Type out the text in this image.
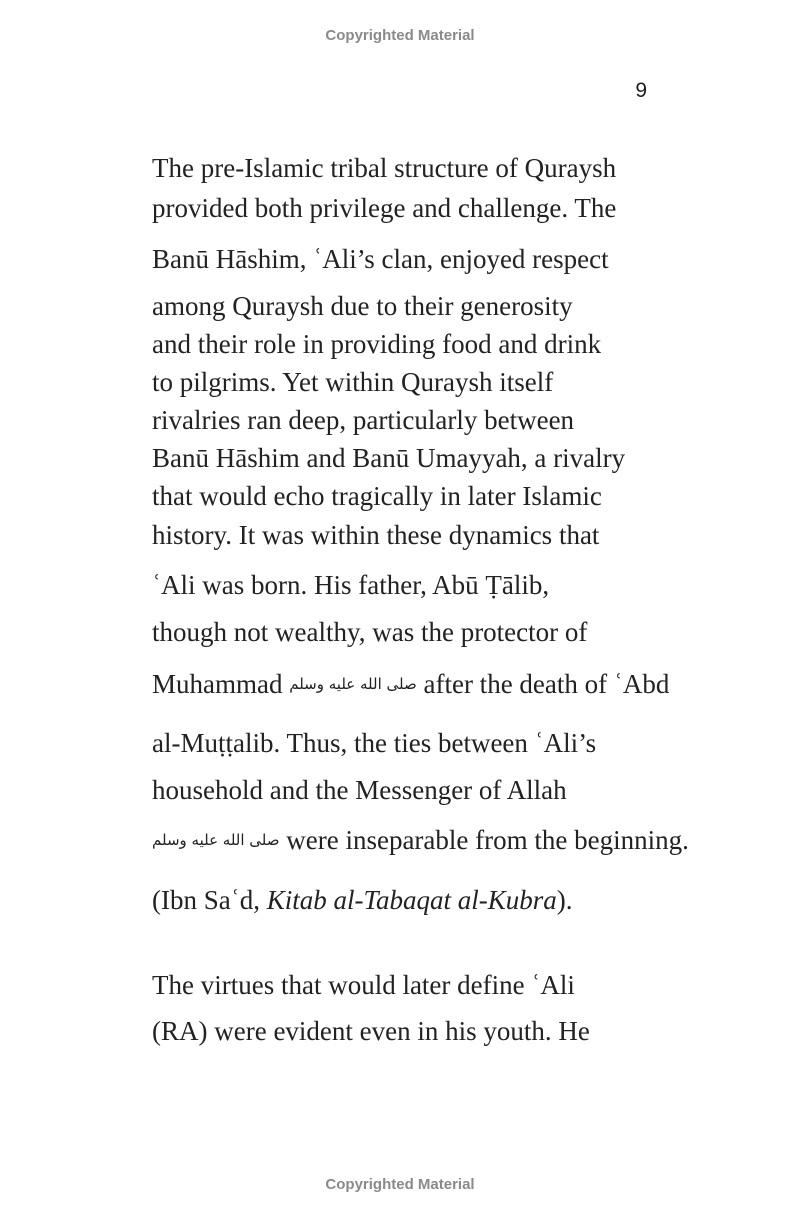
Copyrighted Material
9
The pre-Islamic tribal structure of Quraysh
provided both privilege and challenge. The
Banū Hāshim, ʿAli’s clan, enjoyed respect
among Quraysh due to their generosity
and their role in providing food and drink
to pilgrims. Yet within Quraysh itself
rivalries ran deep, particularly between
Banū Hāshim and Banū Umayyah, a rivalry
that would echo tragically in later Islamic
history. It was within these dynamics that
ʿAli was born. His father, Abū Ṭālib,
though not wealthy, was the protector of
Muhammad صلى الله عليه وسلم after the death of ʿAbd
al-Muṭṭalib. Thus, the ties between ʿAli’s
household and the Messenger of Allah
صلى الله عليه وسلم were inseparable from the beginning.
(Ibn Saʿd, Kitab al-Tabaqat al-Kubra).
The virtues that would later define ʿAli
(RA) were evident even in his youth. He
Copyrighted Material
